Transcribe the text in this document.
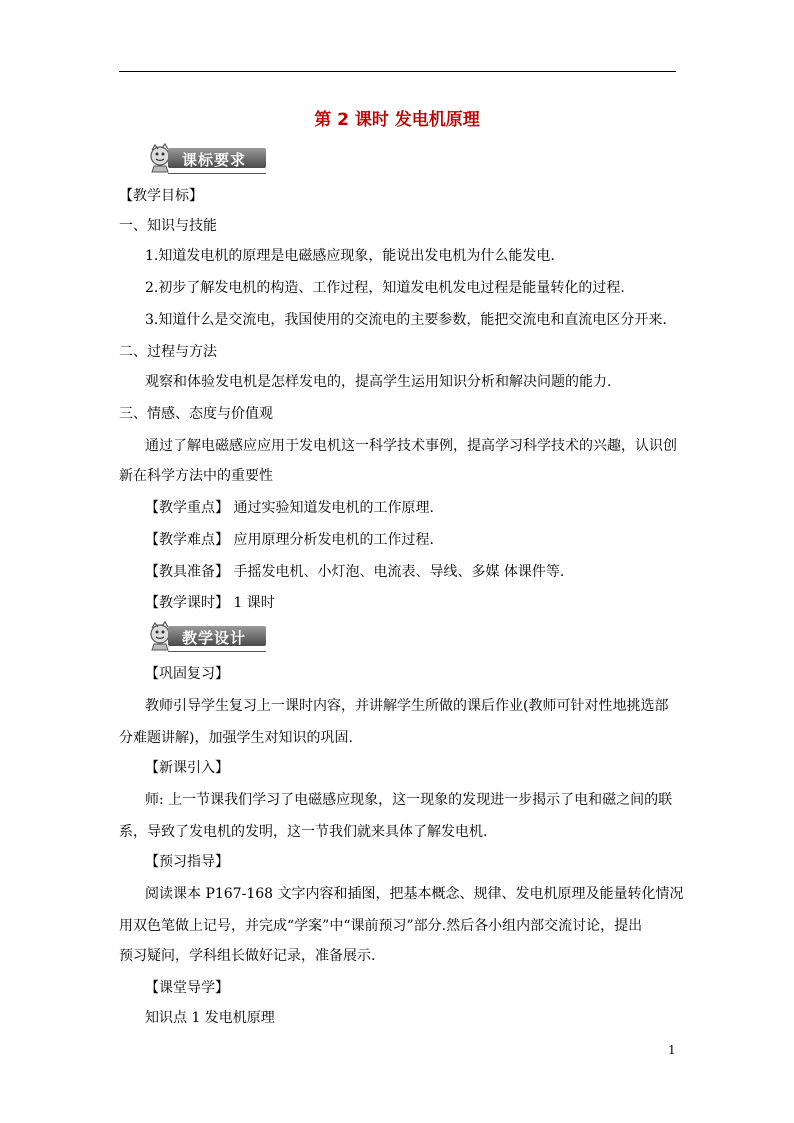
第 2 课时 发电机原理
课标要求
【教学目标】
一、知识与技能
1.知道发电机的原理是电磁感应现象，能说出发电机为什么能发电.
2.初步了解发电机的构造、工作过程，知道发电机发电过程是能量转化的过程.
3.知道什么是交流电，我国使用的交流电的主要参数，能把交流电和直流电区分开来.
二、过程与方法
观察和体验发电机是怎样发电的，提高学生运用知识分析和解决问题的能力.
三、情感、态度与价值观
通过了解电磁感应应用于发电机这一科学技术事例，提高学习科学技术的兴趣，认识创
新在科学方法中的重要性
【教学重点】 通过实验知道发电机的工作原理.
【教学难点】 应用原理分析发电机的工作过程.
【教具准备】 手摇发电机、小灯泡、电流表、导线、多媒 体课件等.
【教学课时】 1 课时
教学设计
【巩固复习】
教师引导学生复习上一课时内容，并讲解学生所做的课后作业(教师可针对性地挑选部
分难题讲解)，加强学生对知识的巩固.
【新课引入】
师: 上一节课我们学习了电磁感应现象，这一现象的发现进一步揭示了电和磁之间的联
系，导致了发电机的发明，这一节我们就来具体了解发电机.
【预习指导】
阅读课本 P167-168 文字内容和插图，把基本概念、规律、发电机原理及能量转化情况
用双色笔做上记号，并完成“学案”中“课前预习”部分.然后各小组内部交流讨论，提出
预习疑问，学科组长做好记录，准备展示.
【课堂导学】
知识点 1 发电机原理
1
